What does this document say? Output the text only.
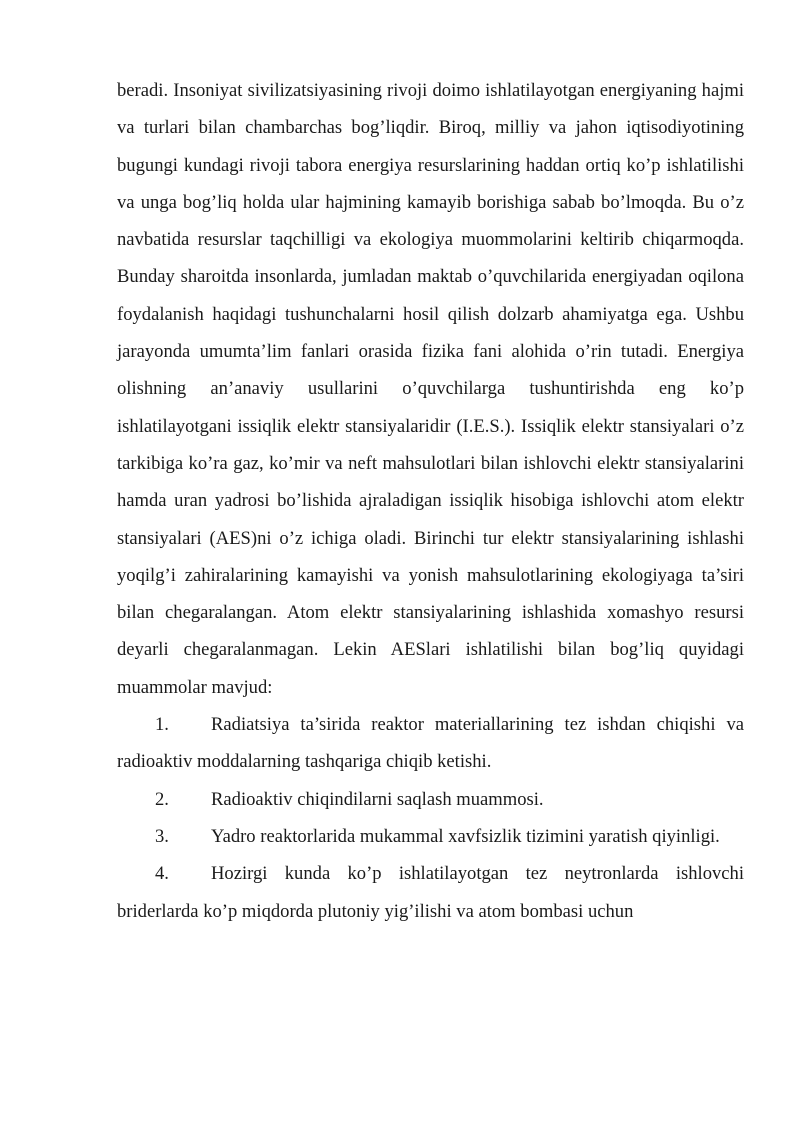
beradi. Insoniyat sivilizatsiyasining rivoji doimo ishlatilayotgan energiyaning hajmi va turlari bilan chambarchas bog’liqdir. Biroq, milliy va jahon iqtisodiyotining bugungi kundagi rivoji tabora energiya resurslarining haddan ortiq ko’p ishlatilishi va unga bog’liq holda ular hajmining kamayib borishiga sabab bo’lmoqda. Bu o’z navbatida resurslar taqchilligi va ekologiya muommolarini keltirib chiqarmoqda. Bunday sharoitda insonlarda, jumladan maktab o’quvchilarida energiyadan oqilona foydalanish haqidagi tushunchalarni hosil qilish dolzarb ahamiyatga ega. Ushbu jarayonda umumta’lim fanlari orasida fizika fani alohida o’rin tutadi. Energiya olishning an’anaviy usullarini o’quvchilarga tushuntirishda eng ko’p ishlatilayotgani issiqlik elektr stansiyalaridir (I.E.S.). Issiqlik elektr stansiyalari o’z tarkibiga ko’ra gaz, ko’mir va neft mahsulotlari bilan ishlovchi elektr stansiyalarini hamda uran yadrosi bo’lishida ajraladigan issiqlik hisobiga ishlovchi atom elektr stansiyalari (AES)ni o’z ichiga oladi. Birinchi tur elektr stansiyalarining ishlashi yoqilg’i zahiralarining kamayishi va yonish mahsulotlarining ekologiyaga ta’siri bilan chegaralangan. Atom elektr stansiyalarining ishlashida xomashyo resursi deyarli chegaralanmagan. Lekin AESlari ishlatilishi bilan bog’liq quyidagi muammolar mavjud:

1. Radiatsiya ta’sirida reaktor materiallarining tez ishdan chiqishi va radioaktiv moddalarning tashqariga chiqib ketishi.

2. Radioaktiv chiqindilarni saqlash muammosi.

3. Yadro reaktorlarida mukammal xavfsizlik tizimini yaratish qiyinligi.

4. Hozirgi kunda ko’p ishlatilayotgan tez neytronlarda ishlovchi briderlarda ko’p miqdorda plutoniy yig’ilishi va atom bombasi uchun
